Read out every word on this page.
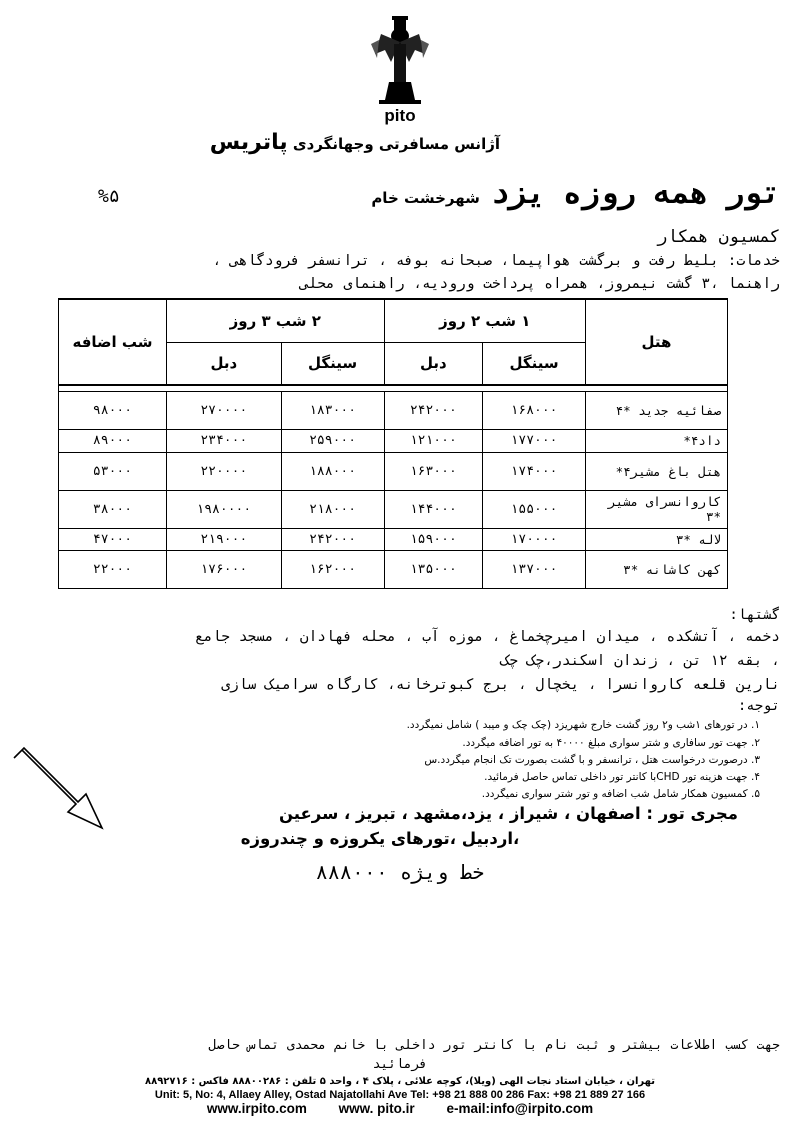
pito
آژانس مسافرتی وجهانگردی پاتریس
تور همه روزه یزد شهرخشت خام
%۵
کمسیون همکار
خدمات: بلیط رفت و برگشت هواپیما، صبحانه بوفه ، ترانسفر فرودگاهی ،
راهنما ،۳ گشت نیمروز، همراه پرداخت ورودیه، راهنمای محلی
هتل	۱ شب ۲ روز		۲ شب ۳ روز		شب اضافه
	سینگل	دبل	سینگل	دبل	

صفائیه جدید *۴	۱۶۸۰۰۰	۲۴۲۰۰۰	۱۸۳۰۰۰	۲۷۰۰۰۰	۹۸۰۰۰
داد۴*	۱۷۷۰۰۰	۱۲۱۰۰۰	۲۵۹۰۰۰	۲۳۴۰۰۰	۸۹۰۰۰
هتل باغ مشیر۴*	۱۷۴۰۰۰	۱۶۳۰۰۰	۱۸۸۰۰۰	۲۲۰۰۰۰	۵۳۰۰۰
کاروانسرای مشیر *۳	۱۵۵۰۰۰	۱۴۴۰۰۰	۲۱۸۰۰۰	۱۹۸۰۰۰۰	۳۸۰۰۰
لاله *۳	۱۷۰۰۰۰	۱۵۹۰۰۰	۲۴۲۰۰۰	۲۱۹۰۰۰	۴۷۰۰۰
کهن کاشانه *۳	۱۳۷۰۰۰	۱۳۵۰۰۰	۱۶۲۰۰۰	۱۷۶۰۰۰	۲۲۰۰۰
گشتها:
دخمه ، آتشکده ، میدان امیرچخماغ ، موزه آب ، محله فهادان ، مسجد جامع
، بقه ۱۲ تن ، زندان اسکندر،چک چک
نارین قلعه کاروانسرا ، یخچال ، برج کبوترخانه، کارگاه سرامیک سازی
توجه:
۱. در تورهای ۱شب و۲ روز گشت خارج شهریزد (چک چک و میبد ) شامل نمیگردد.
۲. جهت تور سافاری و شتر سواری مبلغ ۴۰۰۰۰ به تور اضافه میگردد.
۳. درصورت درخواست هتل ، ترانسفر و با گشت بصورت تک انجام میگردد.س
۴. جهت هزینه تور CHDبا کانتر تور داخلی تماس حاصل فرمائید.
۵. کمسیون همکار شامل شب اضافه و تور شتر سواری نمیگردد.
مجری تور : اصفهان ، شیراز ، یزد،مشهد ، تبریز ، سرعین
،اردبیل ،تورهای یکروزه و چندروزه
خط ویژه ۸۸۸۰۰۰
جهت کسب اطلاعات بیشتر و ثبت نام با کانتر تور داخلی با خانم محمدی تماس حاصل
فرمائید
تهران ، خیابان استاد نجات الهی (ویلا)، کوچه علائی ، پلاک ۴ ، واحد ۵ تلفن : ۸۸۸۰۰۲۸۶ فاکس : ۸۸۹۲۷۱۶
Unit: 5, No: 4, Allaey Alley, Ostad Najatollahi Ave Tel: +98 21 888 00 286 Fax: +98 21 889 27 166
www.irpito.com www. pito.ir e-mail:info@irpito.com
